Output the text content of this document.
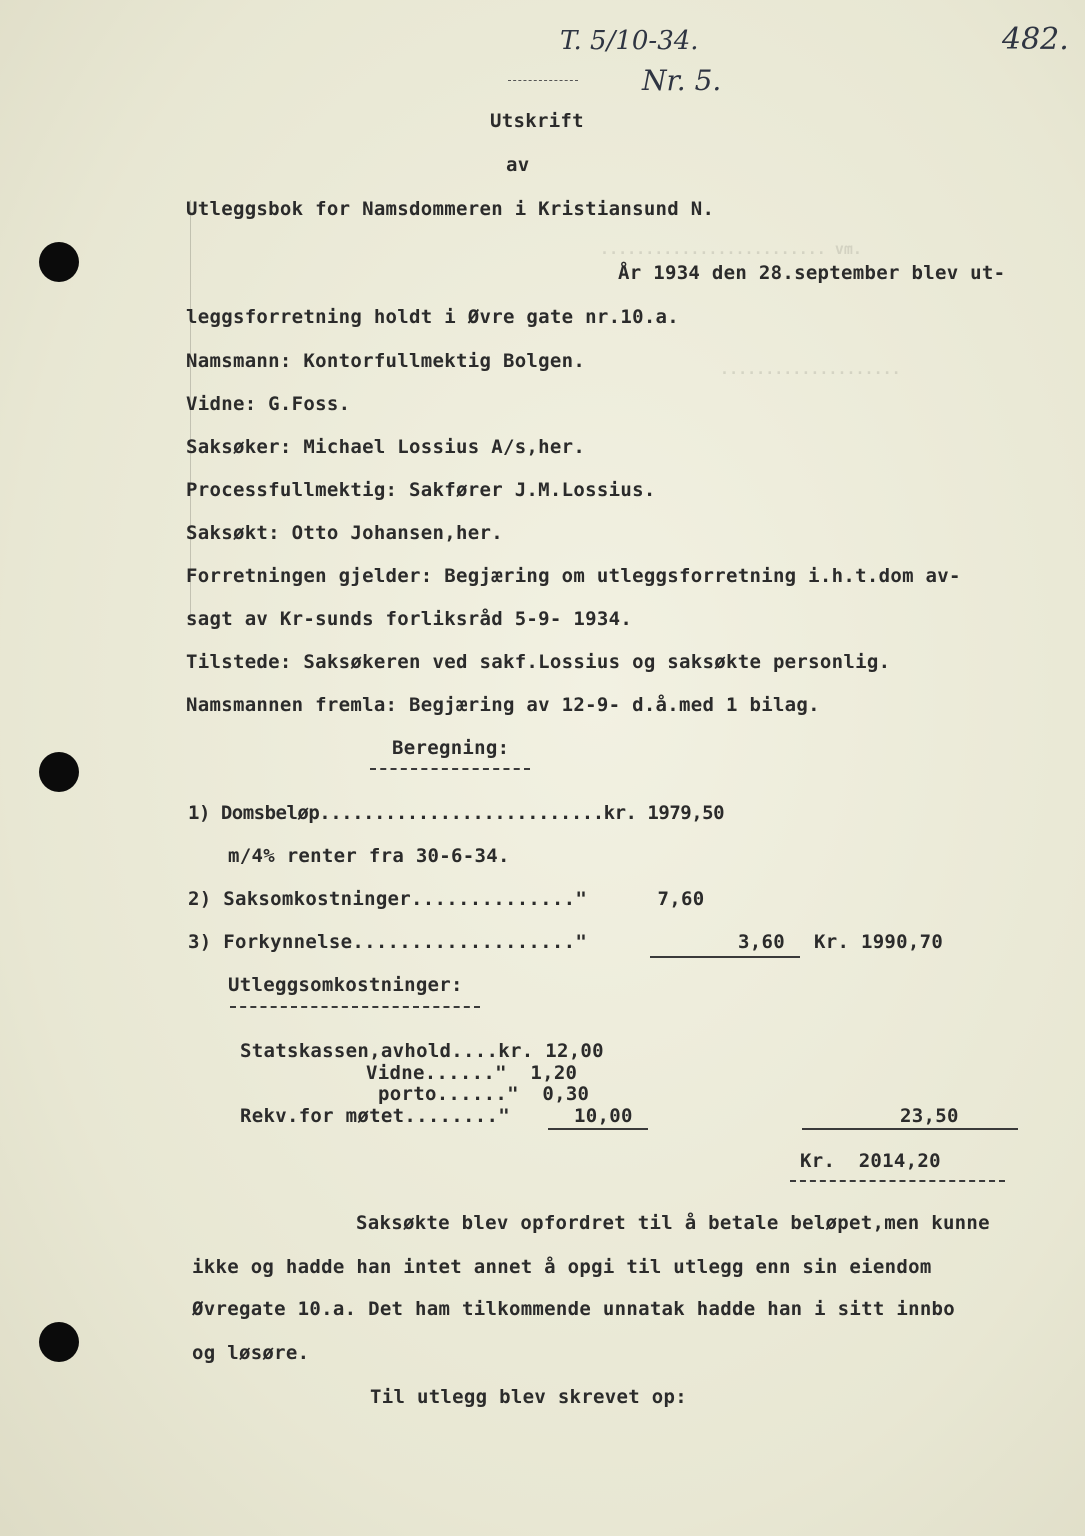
.mv .........................
....................
T. 5/10-34.
Nr. 5.
482.
Utskrift
av
Utleggsbok for Namsdommeren i Kristiansund N.
År 1934 den 28.september blev ut-
leggsforretning holdt i Øvre gate nr.10.a.
Namsmann: Kontorfullmektig Bolgen.
Vidne: G.Foss.
Saksøker: Michael Lossius A/s,her.
Processfullmektig: Sakfører J.M.Lossius.
Saksøkt: Otto Johansen,her.
Forretningen gjelder: Begjæring om utleggsforretning i.h.t.dom av-
sagt av Kr-sunds forliksråd 5-9- 1934.
Tilstede: Saksøkeren ved sakf.Lossius og saksøkte personlig.
Namsmannen fremla: Begjæring av 12-9- d.å.med 1 bilag.
Beregning:
1) Domsbeløp..........................kr. 1979,50
m/4% renter fra 30-6-34.
2) Saksomkostninger.............."      7,60
3) Forkynnelse..................."	3,60 Kr. 1990,70
Utleggsomkostninger:
Statskassen,avhold....kr. 12,00
Vidne......"  1,20
porto......"  0,30
Rekv.for møtet........"	10,00	23,50
Kr.  2014,20
Saksøkte blev opfordret til å betale beløpet,men kunne
ikke og hadde han intet annet å opgi til utlegg enn sin eiendom
Øvregate 10.a. Det ham tilkommende unnatak hadde han i sitt innbo
og løsøre.
Til utlegg blev skrevet op:
